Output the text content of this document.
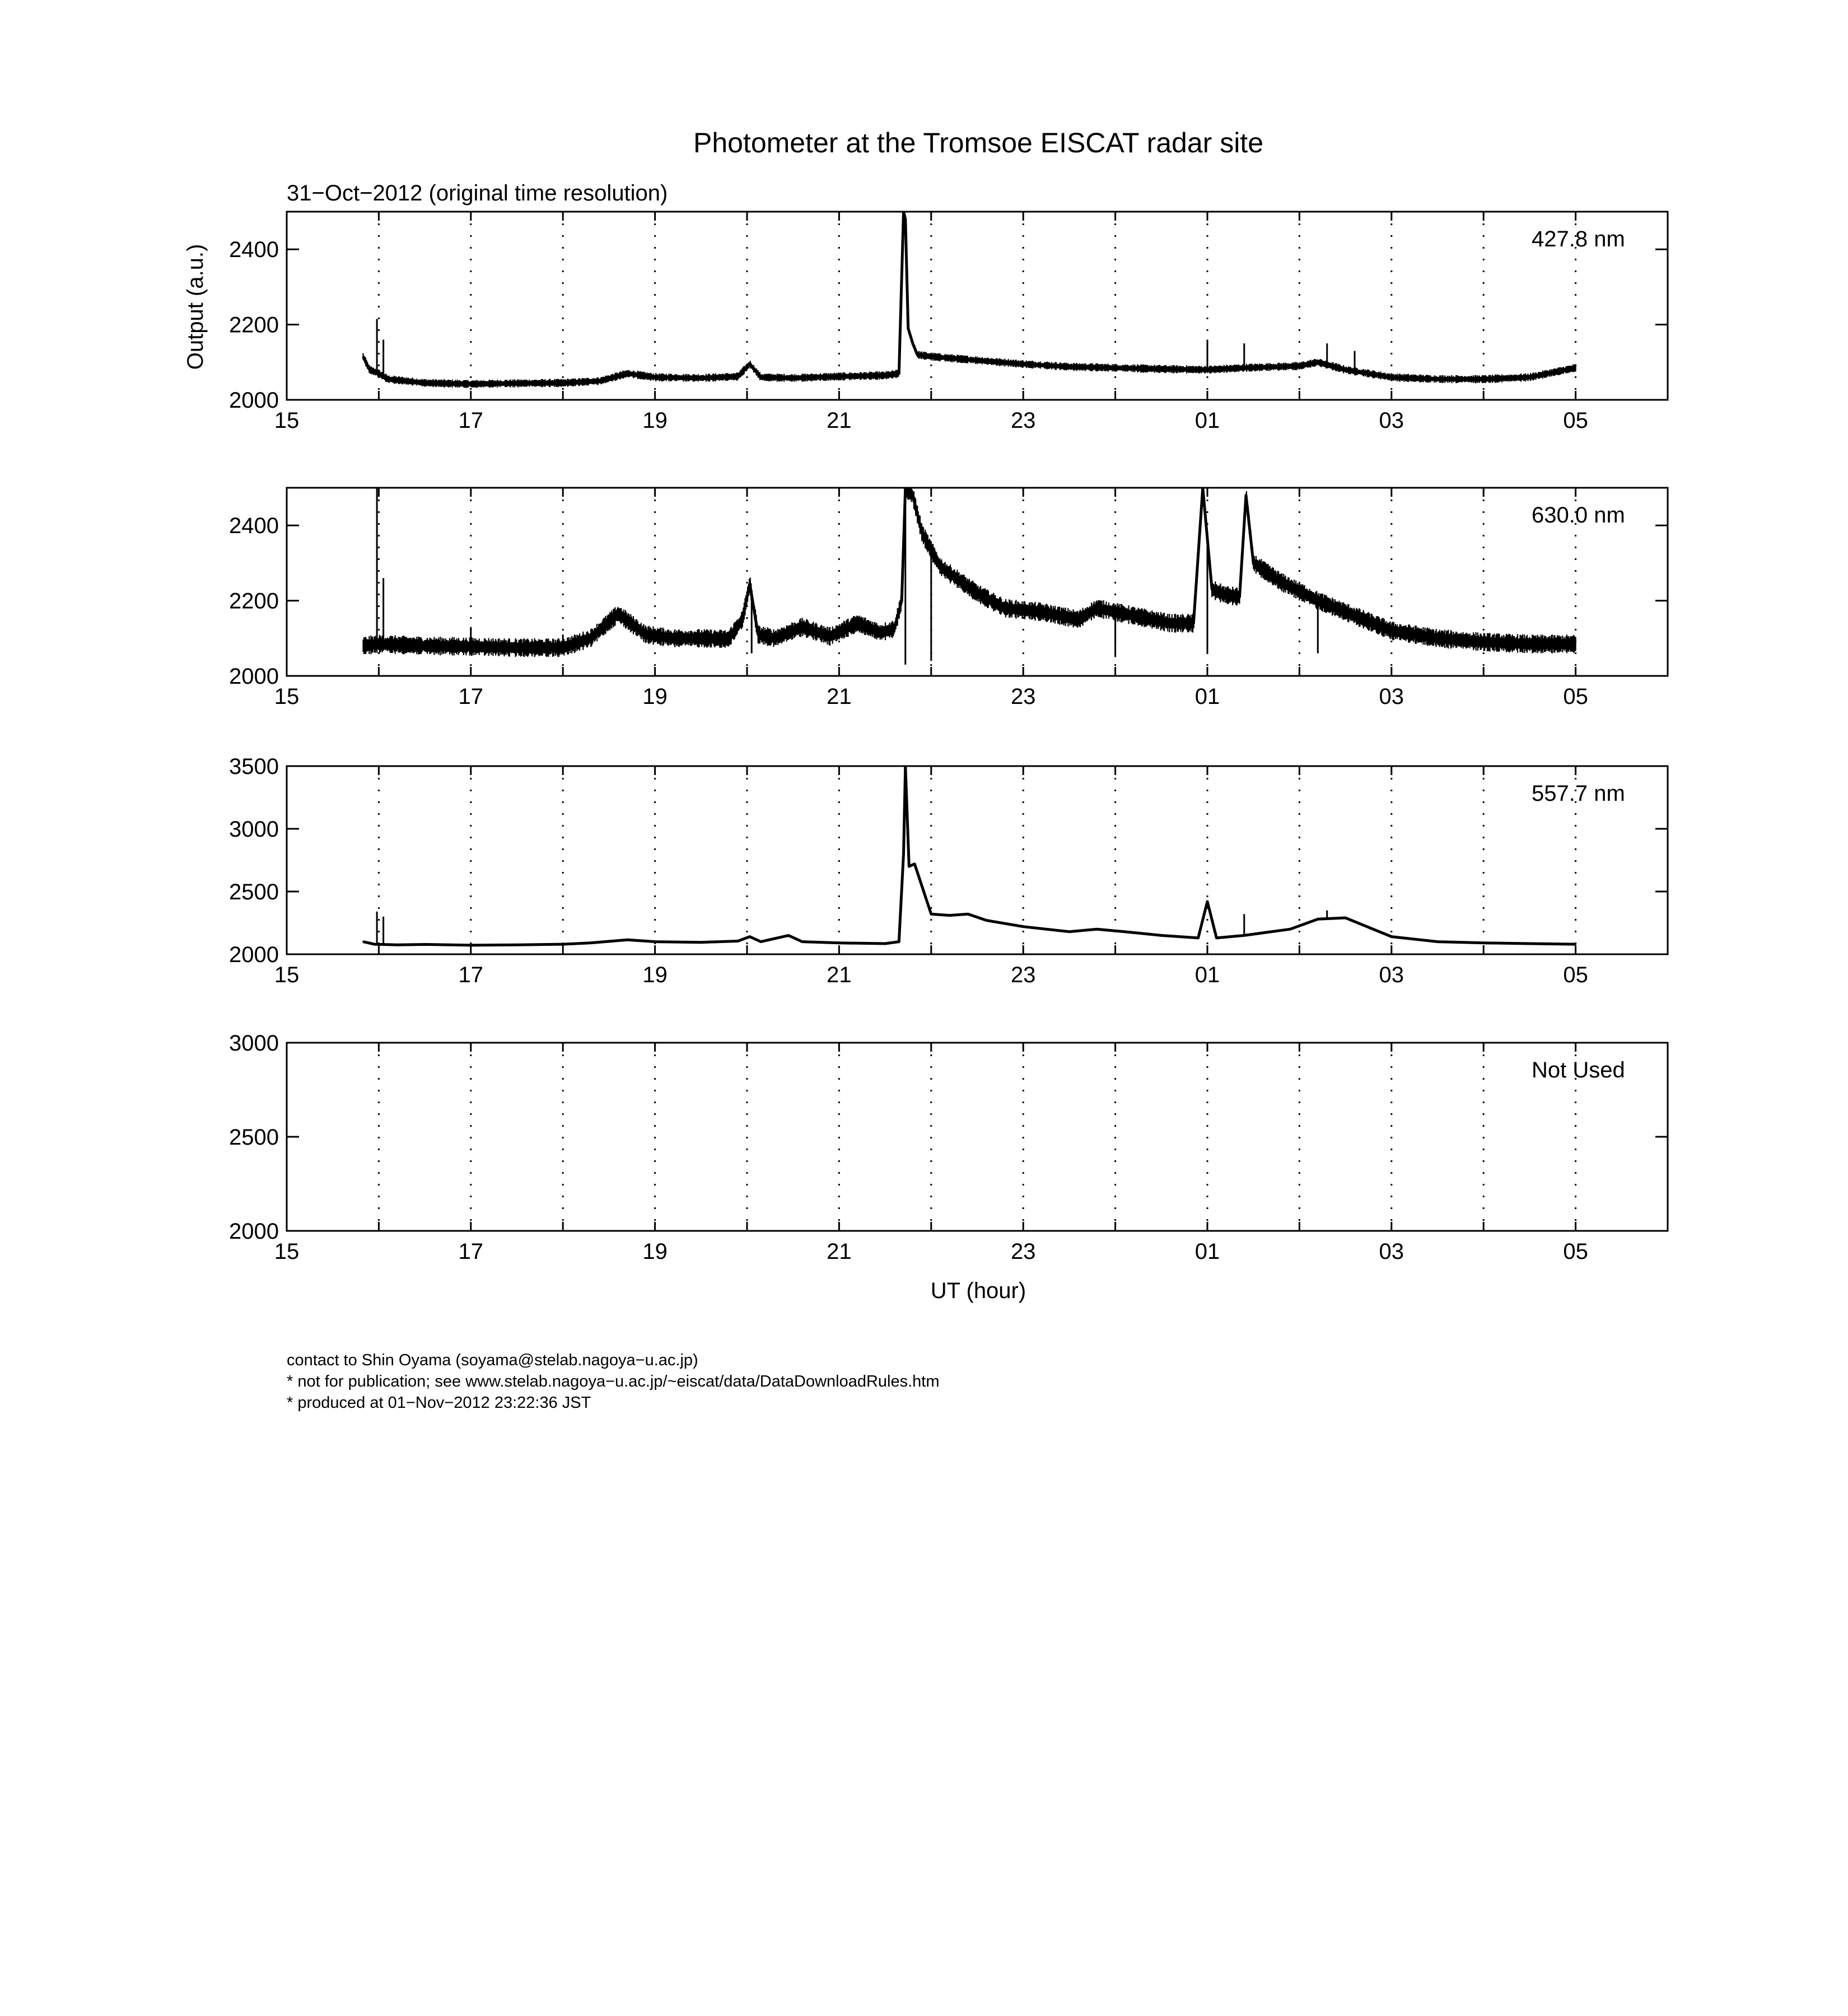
Photometer at the Tromsoe EISCAT radar site
31−Oct−2012 (original time resolution)
Output (a.u.)
UT (hour)
15	17	19	21	23	01	03	05
2000
2200
2400	427.8 nm
15	17	19	21	23	01	03	05
2000
2200
2400	630.0 nm
15	17	19	21	23	01	03	05
2000
2500
3000
3500
557.7 nm
15	17	19	21	23	01	03	05
2000
2500
3000
Not Used
contact to Shin Oyama (soyama@stelab.nagoya−u.ac.jp)
* not for publication; see www.stelab.nagoya−u.ac.jp/~eiscat/data/DataDownloadRules.htm
* produced at 01−Nov−2012 23:22:36 JST
